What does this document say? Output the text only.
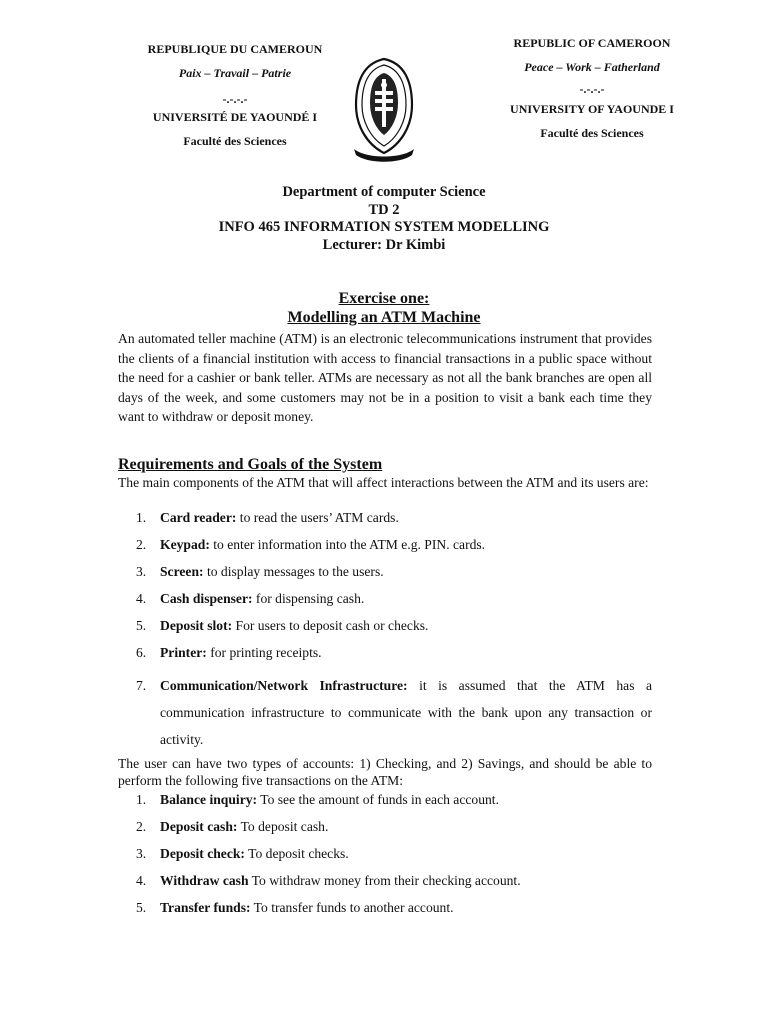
REPUBLIQUE DU CAMEROUN
Paix – Travail – Patrie
-.-.-.-
UNIVERSITÉ DE YAOUNDÉ I
Faculté des Sciences
REPUBLIC OF CAMEROON
Peace – Work – Fatherland
-.-.-.-
UNIVERSITY OF YAOUNDE I
Faculté des Sciences
Department of computer Science
TD 2
INFO 465 INFORMATION SYSTEM MODELLING
Lecturer: Dr Kimbi
Exercise one:
Modelling an ATM Machine
An automated teller machine (ATM) is an electronic telecommunications instrument that provides the clients of a financial institution with access to financial transactions in a public space without the need for a cashier or bank teller. ATMs are necessary as not all the bank branches are open all days of the week, and some customers may not be in a position to visit a bank each time they want to withdraw or deposit money.
Requirements and Goals of the System
The main components of the ATM that will affect interactions between the ATM and its users are:
1.	Card reader: to read the users’ ATM cards.
2.	Keypad: to enter information into the ATM e.g. PIN. cards.
3.	Screen: to display messages to the users.
4.	Cash dispenser: for dispensing cash.
5.	Deposit slot: For users to deposit cash or checks.
6.	Printer: for printing receipts.
7.	Communication/Network Infrastructure: it is assumed that the ATM has a communication infrastructure to communicate with the bank upon any transaction or activity.
The user can have two types of accounts: 1) Checking, and 2) Savings, and should be able to perform the following five transactions on the ATM:
1.	Balance inquiry: To see the amount of funds in each account.
2.	Deposit cash: To deposit cash.
3.	Deposit check: To deposit checks.
4.	Withdraw cash To withdraw money from their checking account.
5.	Transfer funds: To transfer funds to another account.
